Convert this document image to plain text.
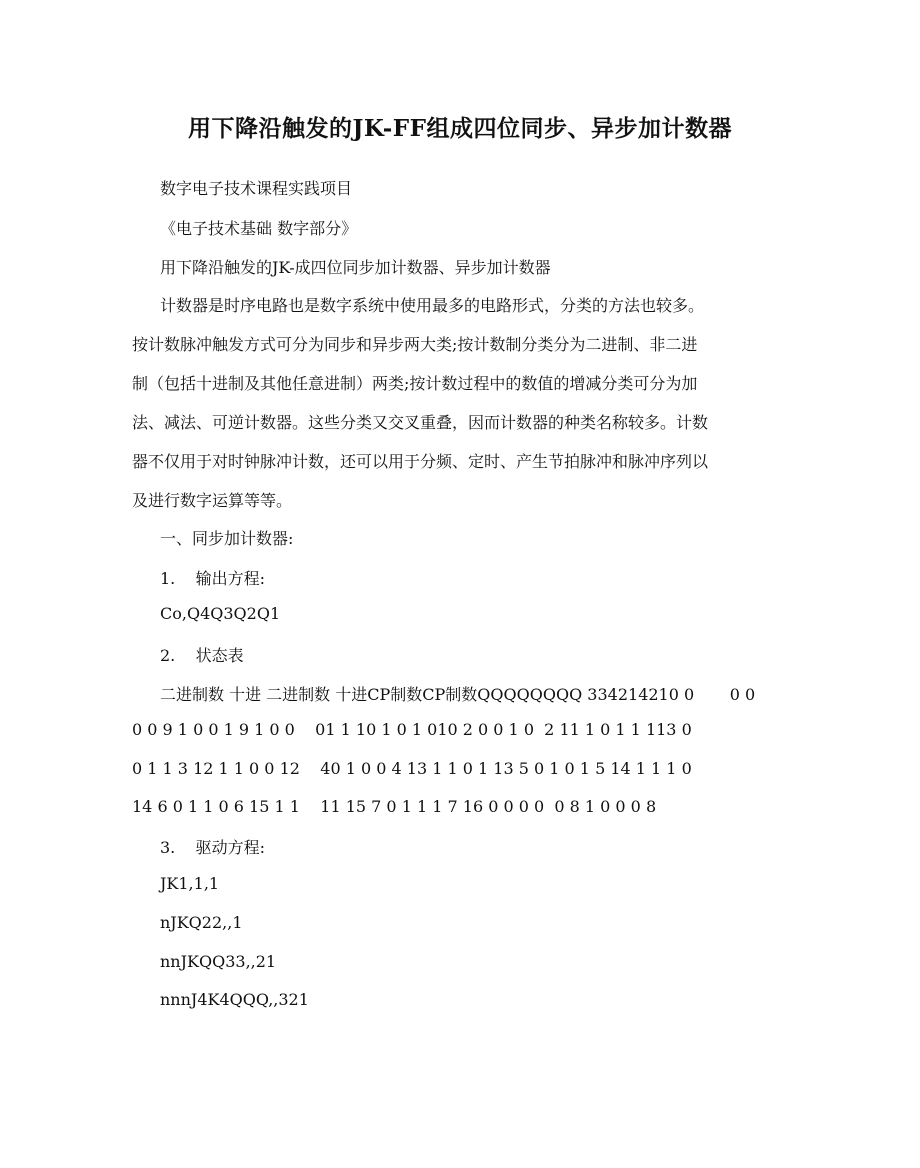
用下降沿触发的JK-FF组成四位同步、异步加计数器
数字电子技术课程实践项目
《电子技术基础 数字部分》
用下降沿触发的JK-成四位同步加计数器、异步加计数器
计数器是时序电路也是数字系统中使用最多的电路形式，分类的方法也较多。
按计数脉冲触发方式可分为同步和异步两大类;按计数制分类分为二进制、非二进
制（包括十进制及其他任意进制）两类;按计数过程中的数值的增减分类可分为加
法、减法、可逆计数器。这些分类又交叉重叠，因而计数器的种类名称较多。计数
器不仅用于对时钟脉冲计数，还可以用于分频、定时、产生节拍脉冲和脉冲序列以
及进行数字运算等等。
一、同步加计数器:
1.    输出方程:
Co,Q4Q3Q2Q1
2.    状态表
二进制数 十进 二进制数 十进CP制数CP制数QQQQQQQQ 334214210 0       0 0
0 0 9 1 0 0 1 9 1 0 0    01 1 10 1 0 1 010 2 0 0 1 0  2 11 1 0 1 1 113 0
0 1 1 3 12 1 1 0 0 12    40 1 0 0 4 13 1 1 0 1 13 5 0 1 0 1 5 14 1 1 1 0
14 6 0 1 1 0 6 15 1 1    11 15 7 0 1 1 1 7 16 0 0 0 0  0 8 1 0 0 0 8
3.    驱动方程:
JK1,1,1
nJKQ22,,1
nnJKQQ33,,21
nnnJ4K4QQQ,,321
